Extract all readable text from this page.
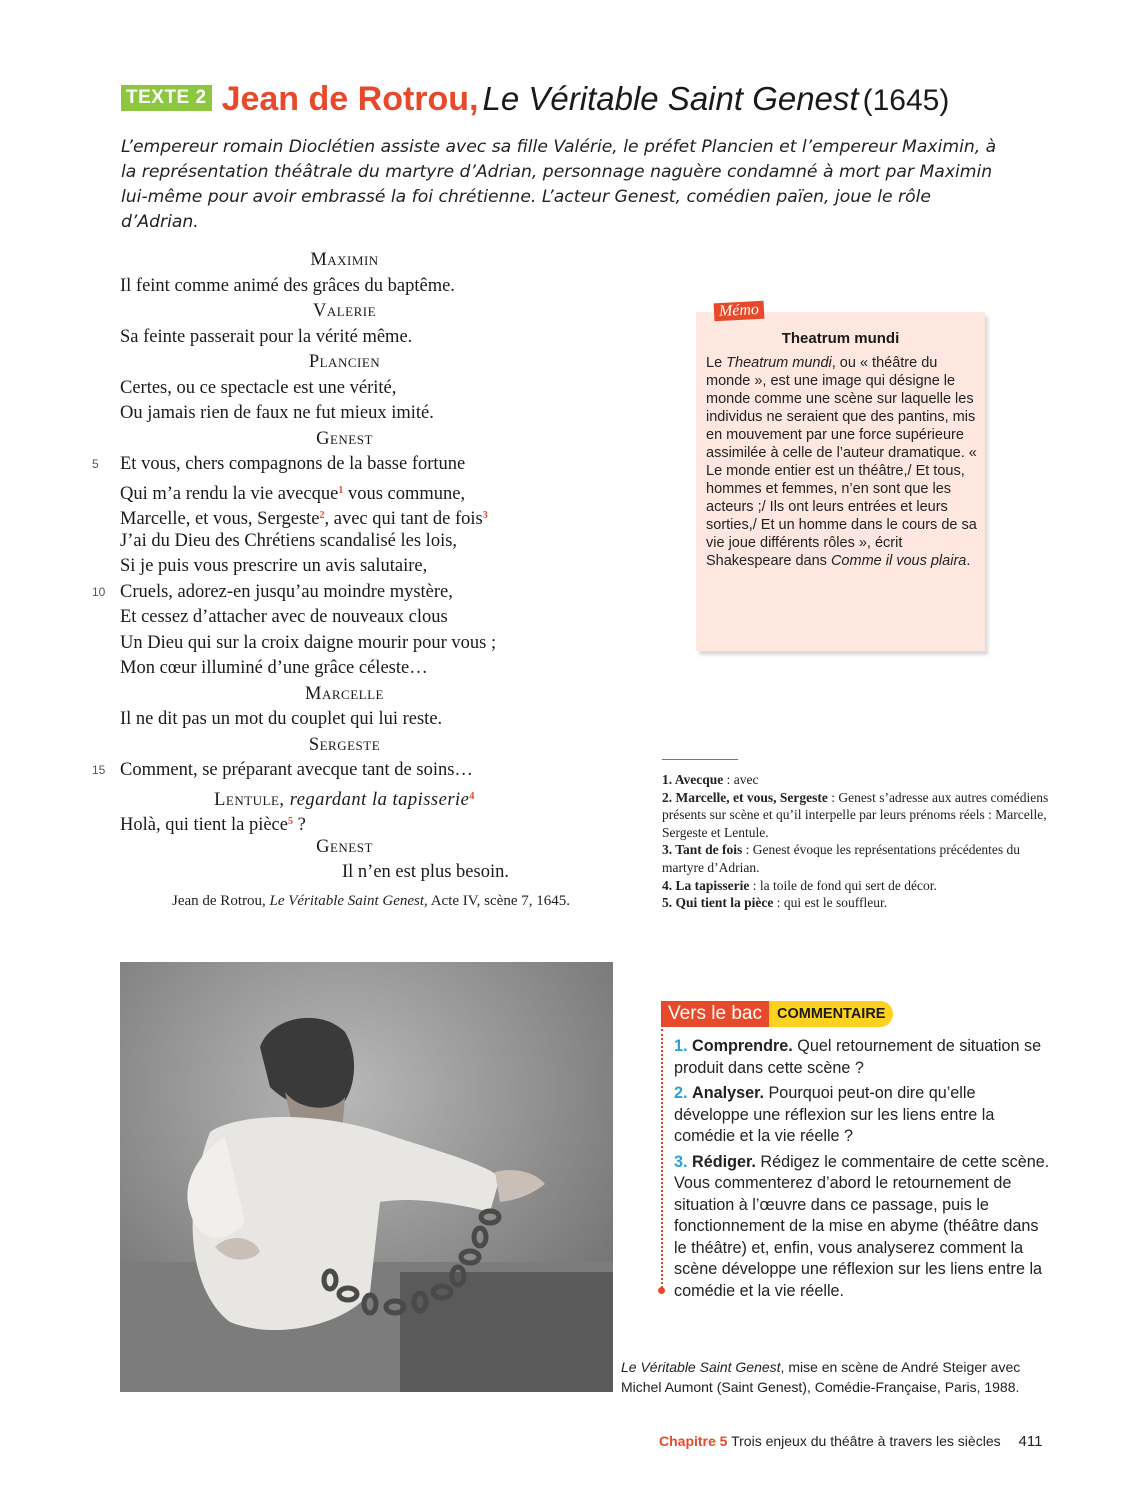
TEXTE 2 Jean de Rotrou, Le Véritable Saint Genest (1645)
L’empereur romain Dioclétien assiste avec sa fille Valérie, le préfet Plancien et l’empereur Maximin, à la représentation théâtrale du martyre d’Adrian, personnage naguère condamné à mort par Maximin lui-même pour avoir embrassé la foi chrétienne. L’acteur Genest, comédien païen, joue le rôle d’Adrian.
Maximin
Il feint comme animé des grâces du baptême.
Valerie
Sa feinte passerait pour la vérité même.
Plancien
Certes, ou ce spectacle est une vérité,
Ou jamais rien de faux ne fut mieux imité.
Genest
5	Et vous, chers compagnons de la basse fortune
Qui m’a rendu la vie avecque$^1$ vous commune,
Marcelle, et vous, Sergeste$^2$, avec qui tant de fois$^3$
J’ai du Dieu des Chrétiens scandalisé les lois,
Si je puis vous prescrire un avis salutaire,
10 Cruels, adorez-en jusqu’au moindre mystère,
Et cessez d’attacher avec de nouveaux clous
Un Dieu qui sur la croix daigne mourir pour vous ;
Mon cœur illuminé d’une grâce céleste…
Marcelle
Il ne dit pas un mot du couplet qui lui reste.
Sergeste
15 Comment, se préparant avecque tant de soins…
Lentule, regardant la tapisserie$^4$
Holà, qui tient la pièce$^5$ ?
Genest
Il n’en est plus besoin.
Jean de Rotrou, Le Véritable Saint Genest, Acte IV, scène 7, 1645.
Mémo
Theatrum mundi
Le Theatrum mundi, ou « théâtre du monde », est une image qui désigne le monde comme une scène sur laquelle les individus ne seraient que des pantins, mis en mouvement par une force supérieure assimilée à celle de l’auteur dramatique. « Le monde entier est un théâtre,/ Et tous, hommes et femmes, n’en sont que les acteurs ;/ Ils ont leurs entrées et leurs sorties,/ Et un homme dans le cours de sa vie joue différents rôles », écrit Shakespeare dans Comme il vous plaira.
1. Avecque : avec
2. Marcelle, et vous, Sergeste : Genest s’adresse aux autres comédiens présents sur scène et qu’il interpelle par leurs prénoms réels : Marcelle, Sergeste et Lentule.
3. Tant de fois : Genest évoque les représentations précédentes du martyre d’Adrian.
4. La tapisserie : la toile de fond qui sert de décor.
5. Qui tient la pièce : qui est le souffleur.
Le Véritable Saint Genest, mise en scène de André Steiger avec Michel Aumont (Saint Genest), Comédie-Française, Paris, 1988.
Vers le bac COMMENTAIRE
1. Comprendre. Quel retournement de situation se produit dans cette scène ?
2. Analyser. Pourquoi peut-on dire qu’elle développe une réflexion sur les liens entre la comédie et la vie réelle ?
3. Rédiger. Rédigez le commentaire de cette scène. Vous commenterez d’abord le retournement de situation à l’œuvre dans ce passage, puis le fonctionnement de la mise en abyme (théâtre dans le théâtre) et, enfin, vous analyserez comment la scène développe une réflexion sur les liens entre la comédie et la vie réelle.
Chapitre 5 Trois enjeux du théâtre à travers les siècles 411
